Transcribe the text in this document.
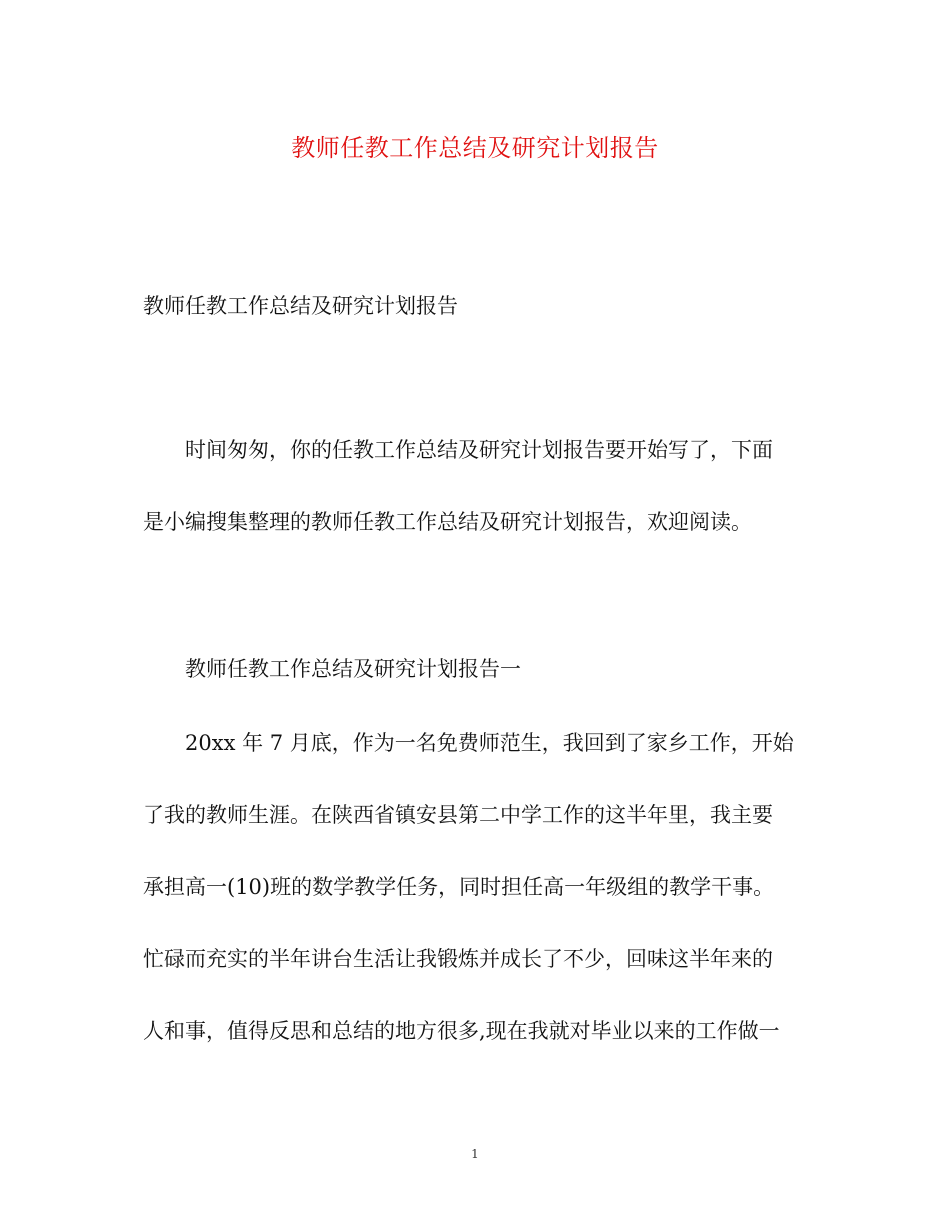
教师任教工作总结及研究计划报告
教师任教工作总结及研究计划报告
时间匆匆，你的任教工作总结及研究计划报告要开始写了，下面
是小编搜集整理的教师任教工作总结及研究计划报告，欢迎阅读。
教师任教工作总结及研究计划报告一
20xx 年 7 月底，作为一名免费师范生，我回到了家乡工作，开始
了我的教师生涯。在陕西省镇安县第二中学工作的这半年里，我主要
承担高一(10)班的数学教学任务，同时担任高一年级组的教学干事。
忙碌而充实的半年讲台生活让我锻炼并成长了不少，回味这半年来的
人和事，值得反思和总结的地方很多,现在我就对毕业以来的工作做一
1
